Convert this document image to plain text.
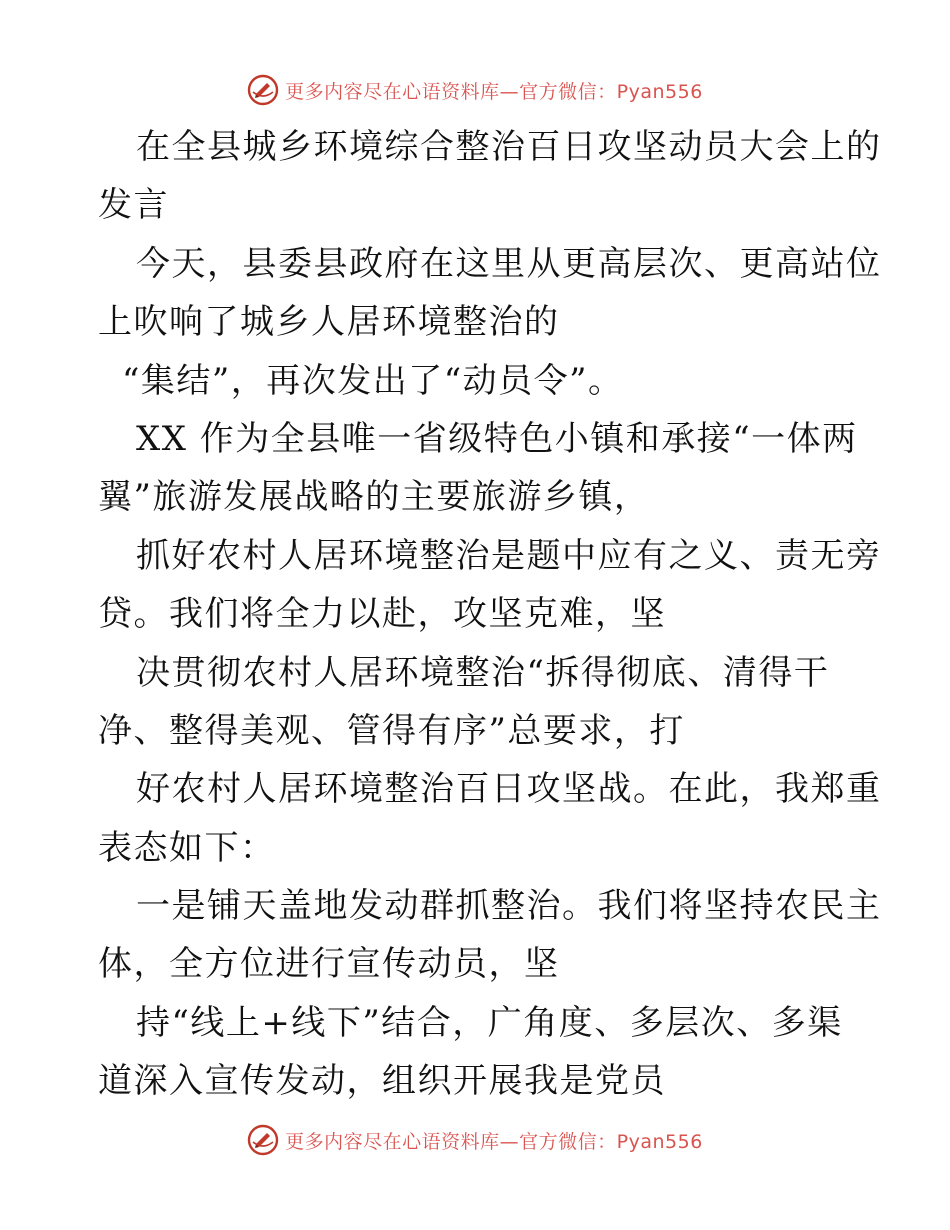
更多内容尽在心语资料库—官方微信：Pyan556
在全县城乡环境综合整治百日攻坚动员大会上的
发言
今天，县委县政府在这里从更高层次、更高站位
上吹响了城乡人居环境整治的
“集结”，再次发出了“动员令”。
XX 作为全县唯一省级特色小镇和承接“一体两
翼”旅游发展战略的主要旅游乡镇，
抓好农村人居环境整治是题中应有之义、责无旁
贷。我们将全力以赴，攻坚克难，坚
决贯彻农村人居环境整治“拆得彻底、清得干
净、整得美观、管得有序”总要求，打
好农村人居环境整治百日攻坚战。在此，我郑重
表态如下：
一是铺天盖地发动群抓整治。我们将坚持农民主
体，全方位进行宣传动员，坚
持“线上+线下”结合，广角度、多层次、多渠
道深入宣传发动，组织开展我是党员
更多内容尽在心语资料库—官方微信：Pyan556
